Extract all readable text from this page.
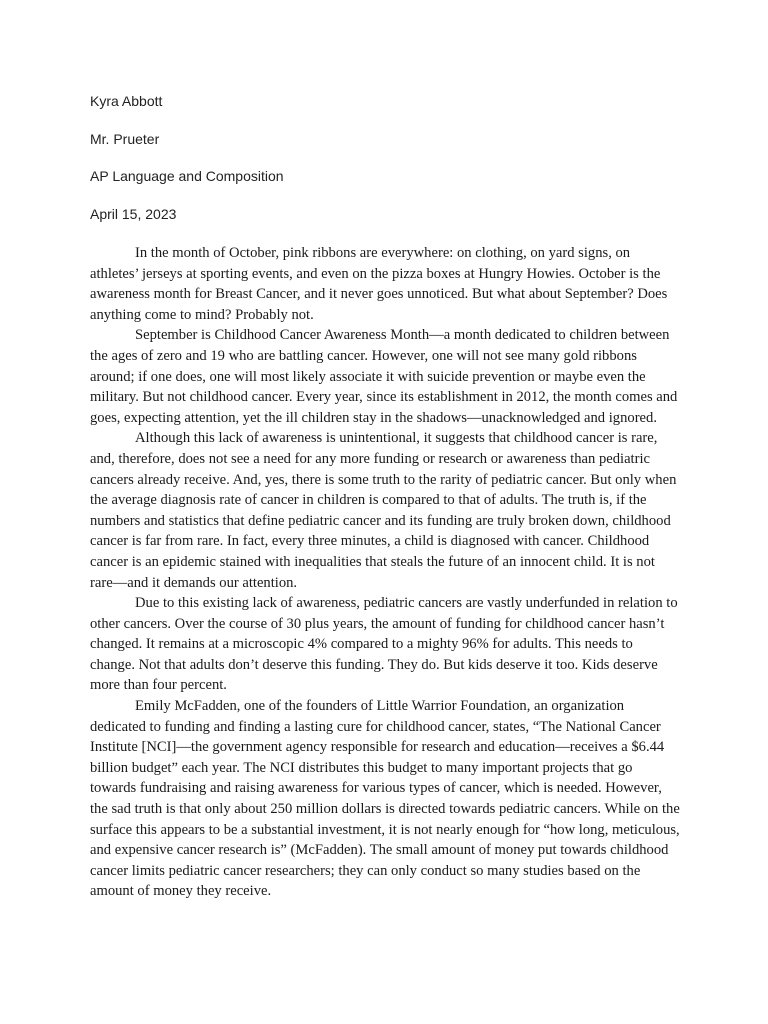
Kyra Abbott
Mr. Prueter
AP Language and Composition
April 15, 2023

In the month of October, pink ribbons are everywhere: on clothing, on yard signs, on athletes’ jerseys at sporting events, and even on the pizza boxes at Hungry Howies. October is the awareness month for Breast Cancer, and it never goes unnoticed. But what about September? Does anything come to mind? Probably not.

September is Childhood Cancer Awareness Month—a month dedicated to children between the ages of zero and 19 who are battling cancer. However, one will not see many gold ribbons around; if one does, one will most likely associate it with suicide prevention or maybe even the military. But not childhood cancer. Every year, since its establishment in 2012, the month comes and goes, expecting attention, yet the ill children stay in the shadows—unacknowledged and ignored.

Although this lack of awareness is unintentional, it suggests that childhood cancer is rare, and, therefore, does not see a need for any more funding or research or awareness than pediatric cancers already receive. And, yes, there is some truth to the rarity of pediatric cancer. But only when the average diagnosis rate of cancer in children is compared to that of adults. The truth is, if the numbers and statistics that define pediatric cancer and its funding are truly broken down, childhood cancer is far from rare. In fact, every three minutes, a child is diagnosed with cancer. Childhood cancer is an epidemic stained with inequalities that steals the future of an innocent child. It is not rare—and it demands our attention.

Due to this existing lack of awareness, pediatric cancers are vastly underfunded in relation to other cancers. Over the course of 30 plus years, the amount of funding for childhood cancer hasn’t changed. It remains at a microscopic 4% compared to a mighty 96% for adults. This needs to change. Not that adults don’t deserve this funding. They do. But kids deserve it too. Kids deserve more than four percent.

Emily McFadden, one of the founders of Little Warrior Foundation, an organization dedicated to funding and finding a lasting cure for childhood cancer, states, “The National Cancer Institute [NCI]—the government agency responsible for research and education—receives a $6.44 billion budget” each year. The NCI distributes this budget to many important projects that go towards fundraising and raising awareness for various types of cancer, which is needed. However, the sad truth is that only about 250 million dollars is directed towards pediatric cancers. While on the surface this appears to be a substantial investment, it is not nearly enough for “how long, meticulous, and expensive cancer research is” (McFadden). The small amount of money put towards childhood cancer limits pediatric cancer researchers; they can only conduct so many studies based on the amount of money they receive.
